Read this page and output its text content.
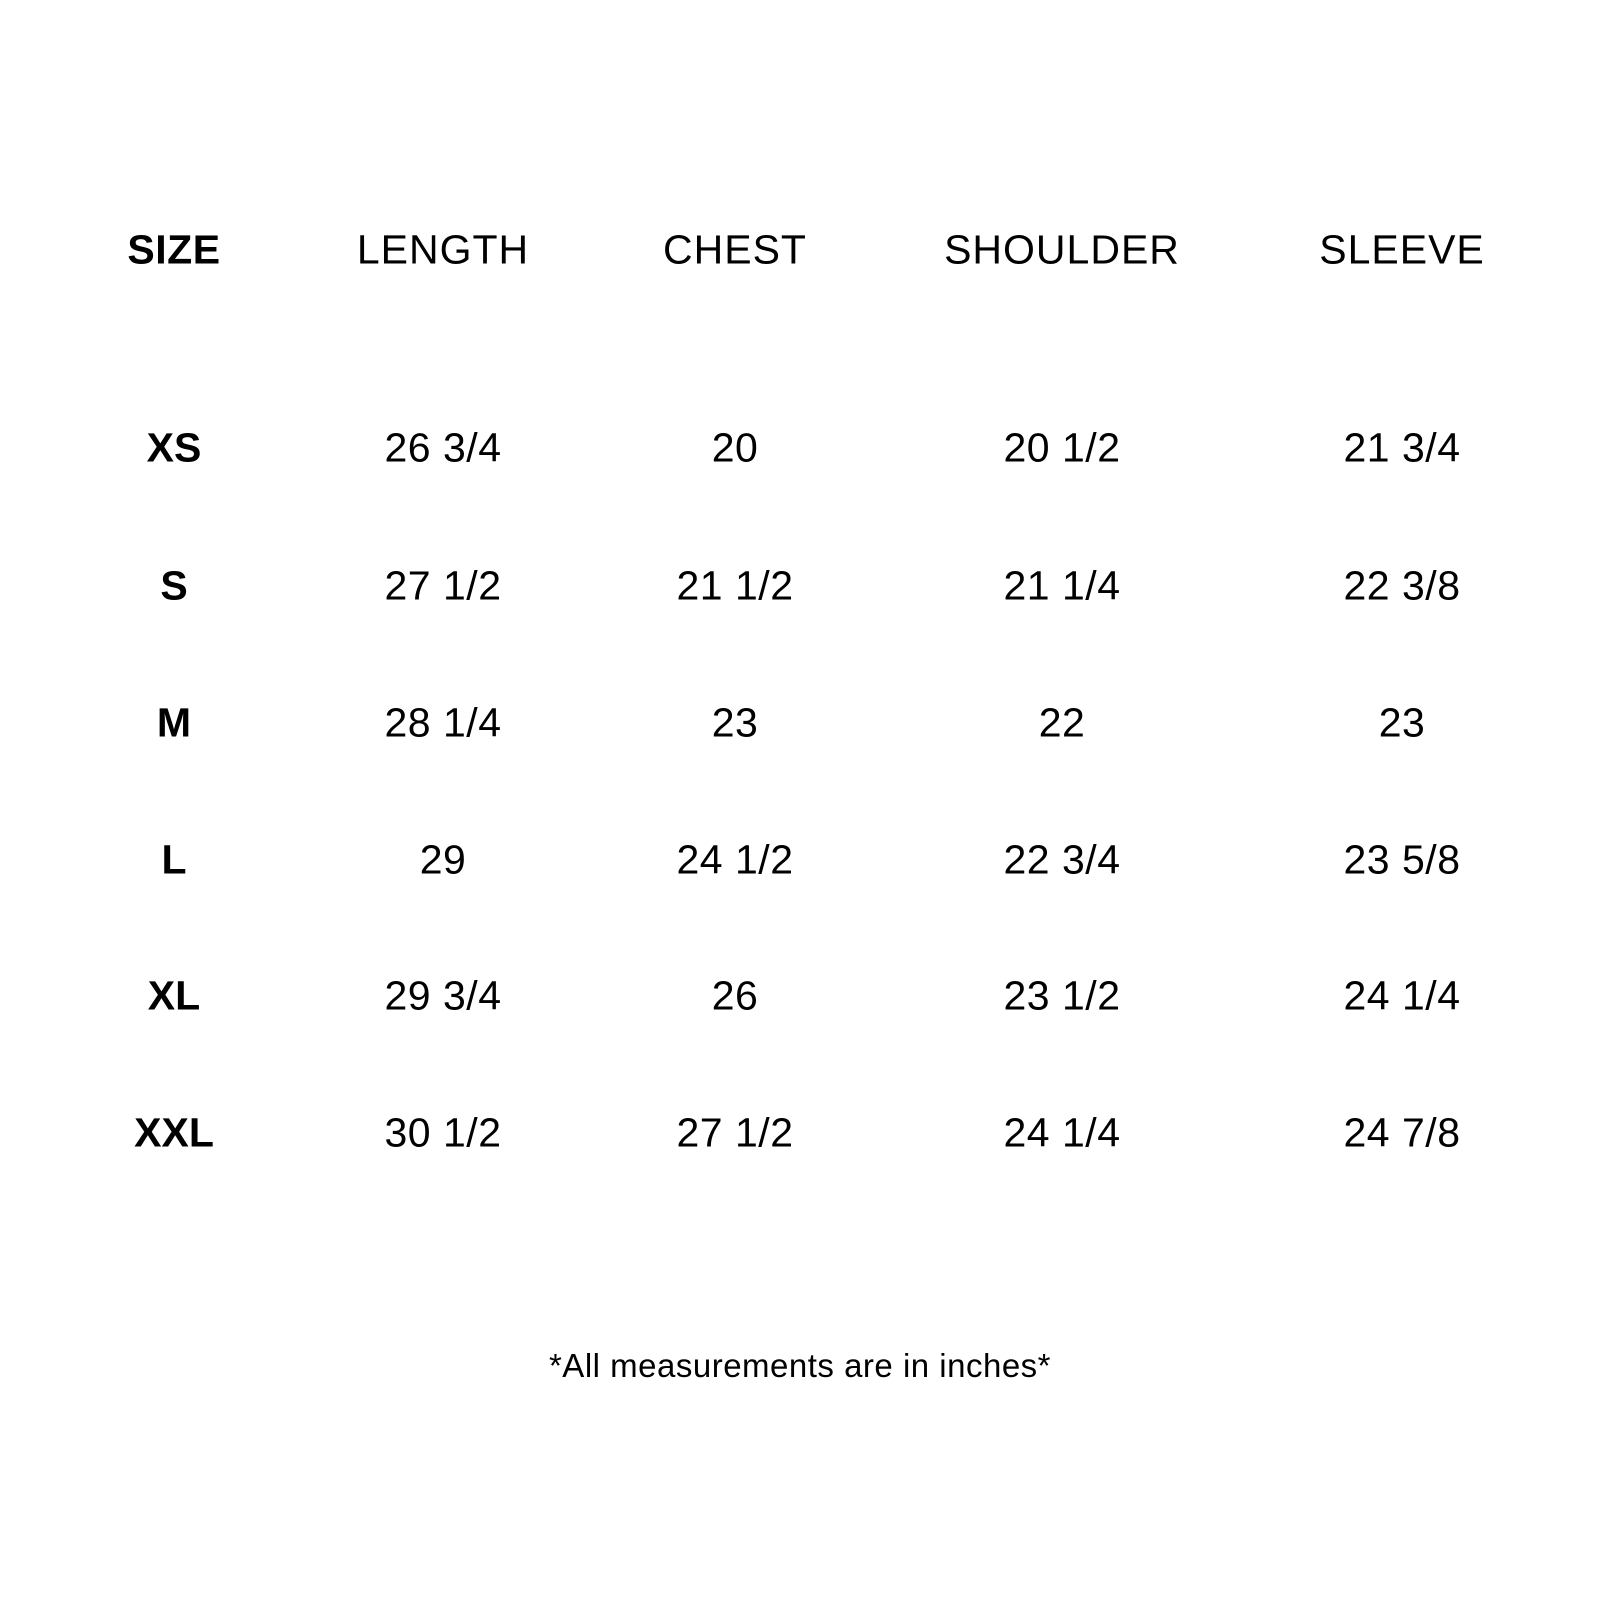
SIZE	LENGTH	CHEST	SHOULDER	SLEEVE
XS	26 3/4	20	20 1/2	21 3/4
S	27 1/2	21 1/2	21 1/4	22 3/8
M	28 1/4	23	22	23
L	29	24 1/2	22 3/4	23 5/8
XL	29 3/4	26	23 1/2	24 1/4
XXL	30 1/2	27 1/2	24 1/4	24 7/8
*All measurements are in inches*
